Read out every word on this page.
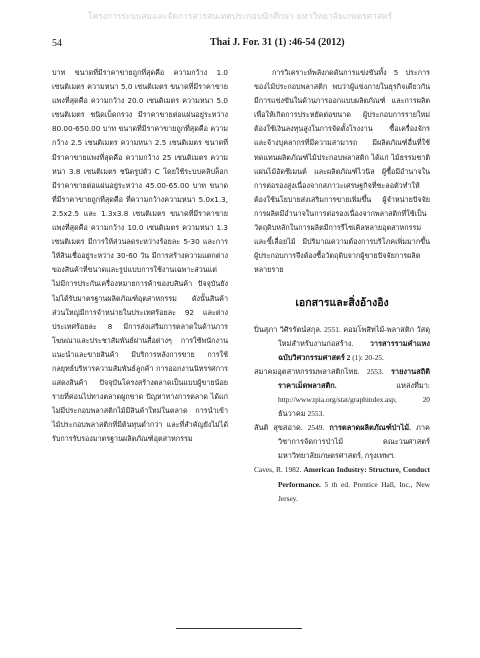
โครงการระบบสมและจัดการสารสนเทศประกอบนักศึกษา มหาวิทยาลัยเกษตรศาสตร์
54	Thai J. For. 31 (1) :46-54 (2012)

บาท ขนาดที่มีราคาขายถูกที่สุดคือ ความกว้าง 1.0 เซนติเมตร ความหนา 5.0 เซนติเมตร ขนาดที่มีราคาขายแพงที่สุดคือ ความกว้าง 20.0 เซนติเมตร ความหนา 5.0 เซนติเมตร ชนิดเบ็ดกรวง มีราคาขายต่อแผ่นอยู่ระหว่าง 80.00-650.00 บาท ขนาดที่มีราคาขายถูกที่สุดคือ ความกว้าง 2.5 เซนติเมตร ความหนา 2.5 เซนติเมตร ขนาดที่มีราคาขายแพงที่สุดคือ ความกว้าง 25 เซนติเมตร ความหนา 3.8 เซนติเมตร ชนิดรูปตัว C โดยใช้ระบบคลิปล็อก มีราคาขายต่อแผ่นอยู่ระหว่าง 45.00-65.00 บาท ขนาดที่มีราคาขายถูกที่สุดคือ ที่ความกว้างความหนา 5.0x1.3, 2.5x2.5 และ 1.3x3.8 เซนติเมตร ขนาดที่มีราคาขายแพงที่สุดคือ ความกว้าง 10.0 เซนติเมตร ความหนา 1.3 เซนติเมตร มีการให้ส่วนลดระหว่างร้อยละ 5-30 และการให้สินเชื่ออยู่ระหว่าง 30-60 วัน มีการสร้างความแตกต่างของสินค้าที่ขนาดและรูปแบบการใช้งานเฉพาะส่วนแต่ไม่มีการประกันเครื่องหมายการค้าของบสินค้า ปัจจุบันยังไม่ได้รับมาตรฐานผลิตภัณฑ์อุตสาหกรรม ดังนั้นสินค้าส่วนใหญ่มีการจำหน่ายในประเทศร้อยละ 92 และต่างประเทศร้อยละ 8 มีการส่งเสริมการตลาดในด้านการโฆษณาและประชาสัมพันธ์ผ่านสื่อต่างๆ การใช้พนักงานแนะนำและขายสินค้า มีบริการหลังการขาย การใช้กลยุทธ์บริหารความสัมพันธ์ลูกค้า การออกงานนิทรรศการแสดงสินค้า ปัจจุบันโครงสร้างตลาดเป็นแบบผู้ขายน้อยรายที่ค่อนไปทางตลาดผูกขาด ปัญหาทางการตลาด ได้แก่ ไม่มีประกอบพลาสติกไม้มีสินค้าใหม่ในตลาด การนำเข้าไม้ประกอบพลาสติกที่มีต้นทุนต่ำกว่า และที่สำคัญยังไม่ได้รับการรับรองมาตรฐานผลิตภัณฑ์อุตสาหกรรม

การวิเคราะห์พลังกดดันการแข่งขันทั้ง 5 ประการของไม้ประกอบพลาสติก พบว่าผู้แข่งภายในธุรกิจเดียวกันมีการแข่งขันในด้านการออกแบบผลิตภัณฑ์ และการผลิตเพื่อให้เกิดการประหยัดต่อขนาด ผู้ประกอบการรายใหม่ต้องใช้เงินลงทุนสูงในการจัดตั้งโรงงาน ซื้อเครื่องจักร และจ้างบุคลากรที่มีความสามารถ มีผลิตภัณฑ์อื่นที่ใช้ทดแทนผลิตภัณฑ์ไม้ประกอบพลาสติก ได้แก่ ไม้ธรรมชาติ แผ่นไม้อัดซีเมนต์ และผลิตภัณฑ์ไวนิล ผู้ซื้อมีอำนาจในการต่อรองสูงเนื่องจากสภาวะเศรษฐกิจที่ชะลอตัวทำให้ต้องใช้นโยบายส่งเสริมการขายเพิ่มขึ้น ผู้จำหน่ายปัจจัยการผลิตมีอำนาจในการต่อรองเนื่องจากพลาสติกที่ใช้เป็นวัตถุดิบหลักในการผลิตมีการรีไซเคิลหลายอุตสาหกรรม และขี้เลื่อยไม้ มีปริมาณความต้องการบริโภคเพิ่มมากขึ้น ผู้ประกอบการจึงต้องซื้อวัตถุดิบจากผู้ขายปัจจัยการผลิตหลายราย

เอกสารและสิ่งอ้างอิง

ปิ่นสุภา วิศิรรัตน์สกุล. 2551. คอมโพสิทไม้-พลาสติก วัสดุใหม่สำหรับงานก่อสร้าง. วารสารรามคำแหง ฉบับวิศวกรรมศาสตร์ 2 (1): 20-25.

สมาคมอุตสาหกรรมพลาสติกไทย. 2553. รายงานสถิติราคาเม็ดพลาสติก. แหล่งที่มา: http://www.tpia.org/stat/graphindex.asp, 20 ธันวาคม 2553.

สันติ สุขสอาด. 2549. การตลาดผลิตภัณฑ์ป่าไม้. ภาควิชาการจัดการป่าไม้ คณะวนศาสตร์ มหาวิทยาลัยเกษตรศาสตร์, กรุงเทพฯ.

Caves, R. 1982. American Industry: Structure, Conduct Performance. 5 th ed. Prentice Hall, Inc., New Jersey.
